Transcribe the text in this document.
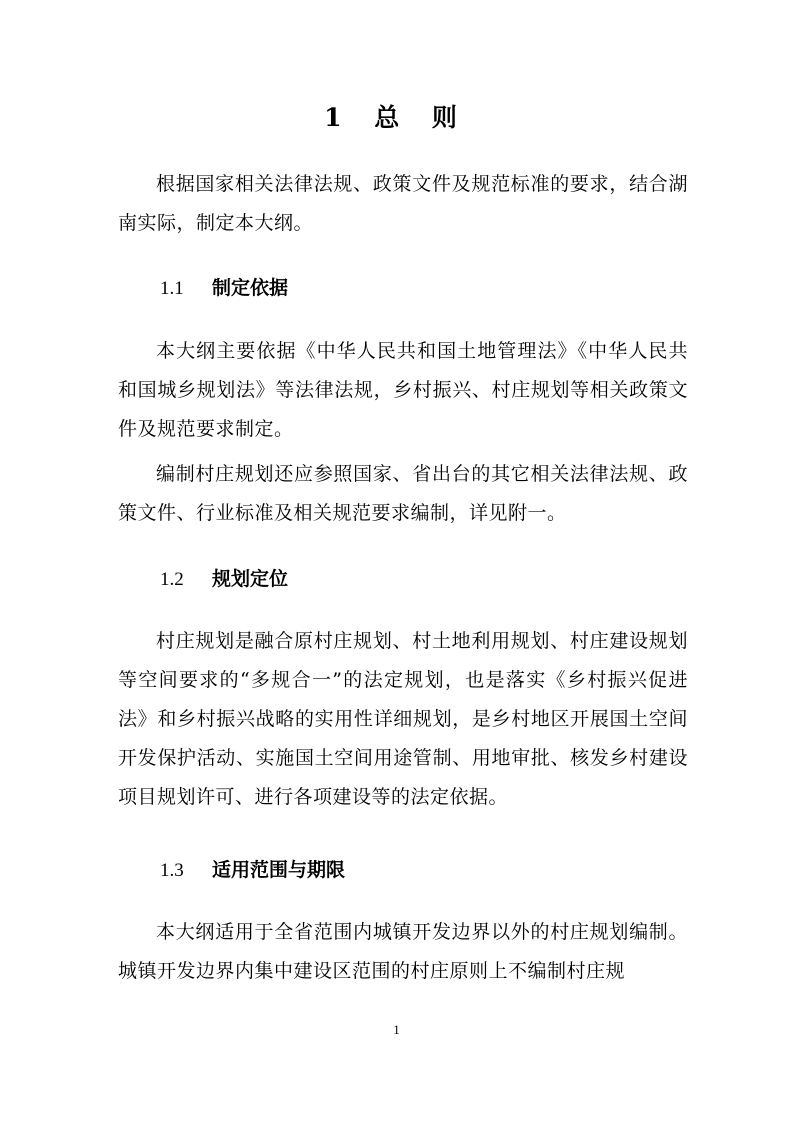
1 总 则

根据国家相关法律法规、政策文件及规范标准的要求，结合湖南实际，制定本大纲。

1.1 制定依据

本大纲主要依据《中华人民共和国土地管理法》《中华人民共和国城乡规划法》等法律法规，乡村振兴、村庄规划等相关政策文件及规范要求制定。

编制村庄规划还应参照国家、省出台的其它相关法律法规、政策文件、行业标准及相关规范要求编制，详见附一。

1.2 规划定位

村庄规划是融合原村庄规划、村土地利用规划、村庄建设规划等空间要求的“多规合一”的法定规划，也是落实《乡村振兴促进法》和乡村振兴战略的实用性详细规划，是乡村地区开展国土空间开发保护活动、实施国土空间用途管制、用地审批、核发乡村建设项目规划许可、进行各项建设等的法定依据。

1.3 适用范围与期限

本大纲适用于全省范围内城镇开发边界以外的村庄规划编制。城镇开发边界内集中建设区范围的村庄原则上不编制村庄规

1
